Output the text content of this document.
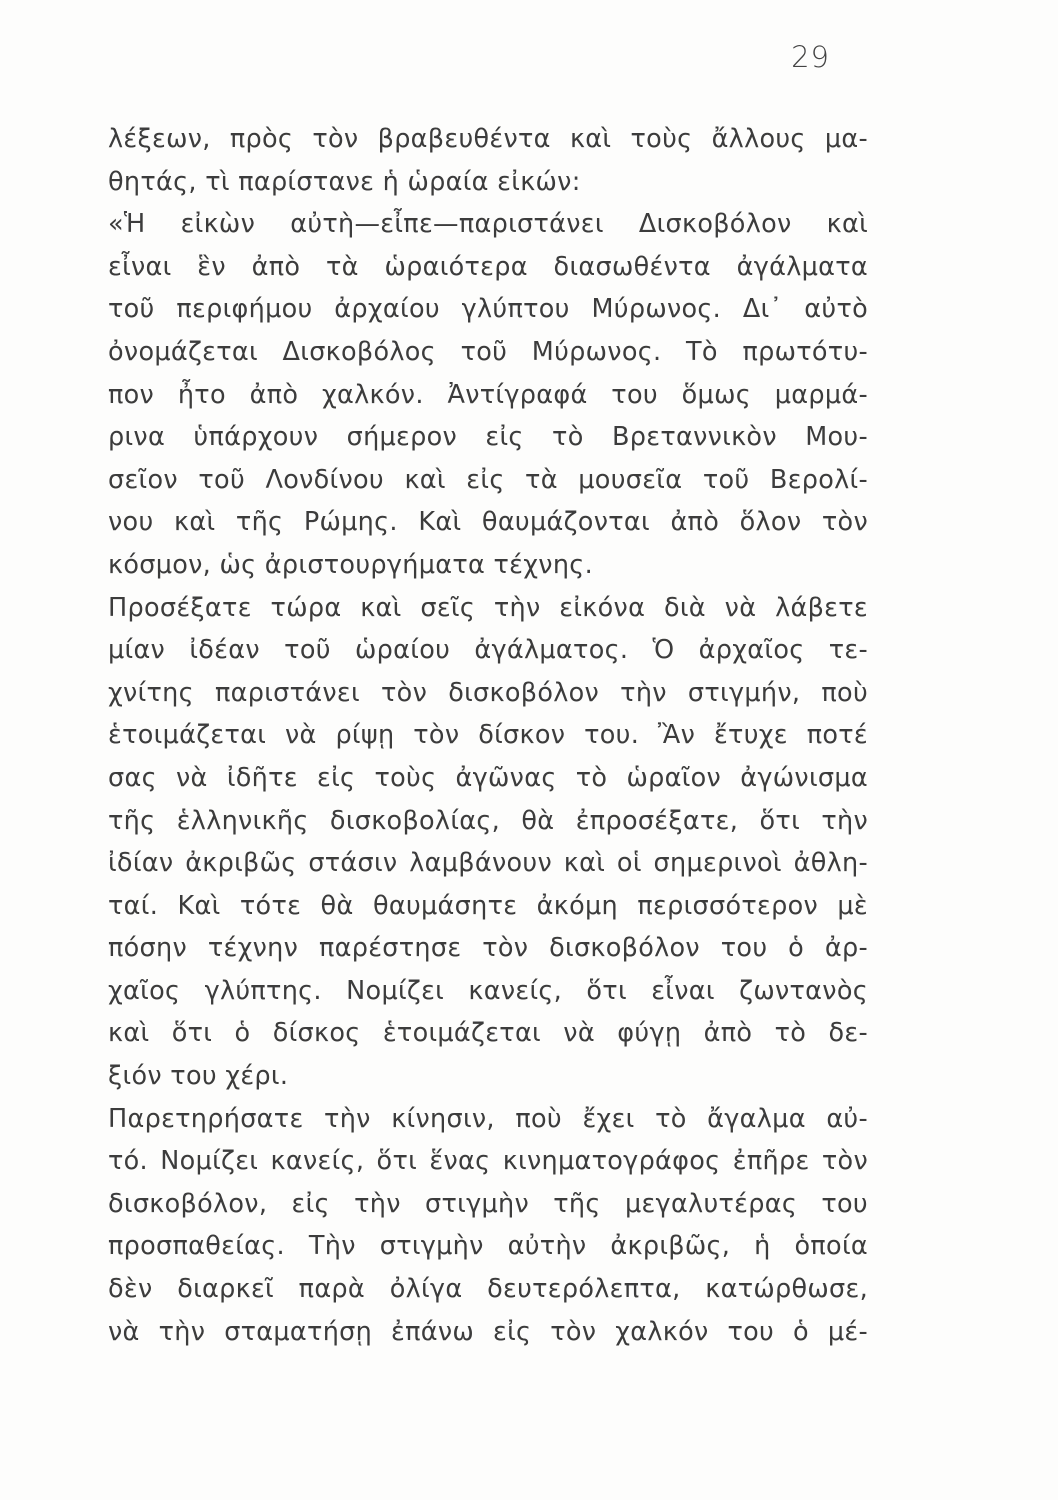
29
λέξεων, πρὸς τὸν βραβευθέντα καὶ τοὺς ἄλλους μα-
θητάς, τὶ παρίστανε ἡ ὡραία εἰκών:
«Ἡ εἰκὼν αὐτὴ—εἶπε—παριστάνει Δισκοβόλον καὶ
εἶναι ἓν ἀπὸ τὰ ὡραιότερα διασωθέντα ἀγάλματα
τοῦ περιφήμου ἀρχαίου γλύπτου Μύρωνος. Δι᾽ αὐτὸ
ὀνομάζεται Δισκοβόλος τοῦ Μύρωνος. Τὸ πρωτότυ-
πον ἦτο ἀπὸ χαλκόν. Ἀντίγραφά του ὅμως μαρμά-
ρινα ὑπάρχουν σήμερον εἰς τὸ Βρεταννικὸν Μου-
σεῖον τοῦ Λονδίνου καὶ εἰς τὰ μουσεῖα τοῦ Βερολί-
νου καὶ τῆς Ρώμης. Καὶ θαυμάζονται ἀπὸ ὅλον τὸν
κόσμον, ὡς ἀριστουργήματα τέχνης.
Προσέξατε τώρα καὶ σεῖς τὴν εἰκόνα διὰ νὰ λάβετε
μίαν ἰδέαν τοῦ ὡραίου ἀγάλματος. Ὁ ἀρχαῖος τε-
χνίτης παριστάνει τὸν δισκοβόλον τὴν στιγμήν, ποὺ
ἑτοιμάζεται νὰ ρίψῃ τὸν δίσκον του. Ἂν ἔτυχε ποτέ
σας νὰ ἰδῆτε εἰς τοὺς ἀγῶνας τὸ ὡραῖον ἀγώνισμα
τῆς ἑλληνικῆς δισκοβολίας, θὰ ἐπροσέξατε, ὅτι τὴν
ἰδίαν ἀκριβῶς στάσιν λαμβάνουν καὶ οἱ σημερινοὶ ἀθλη-
ταί. Καὶ τότε θὰ θαυμάσητε ἀκόμη περισσότερον μὲ
πόσην τέχνην παρέστησε τὸν δισκοβόλον του ὁ ἀρ-
χαῖος γλύπτης. Νομίζει κανείς, ὅτι εἶναι ζωντανὸς
καὶ ὅτι ὁ δίσκος ἑτοιμάζεται νὰ φύγῃ ἀπὸ τὸ δε-
ξιόν του χέρι.
Παρετηρήσατε τὴν κίνησιν, ποὺ ἔχει τὸ ἄγαλμα αὐ-
τό. Νομίζει κανείς, ὅτι ἕνας κινηματογράφος ἐπῆρε τὸν
δισκοβόλον, εἰς τὴν στιγμὴν τῆς μεγαλυτέρας του
προσπαθείας. Τὴν στιγμὴν αὐτὴν ἀκριβῶς, ἡ ὁποία
δὲν διαρκεῖ παρὰ ὀλίγα δευτερόλεπτα, κατώρθωσε,
νὰ τὴν σταματήσῃ ἐπάνω εἰς τὸν χαλκόν του ὁ μέ-
